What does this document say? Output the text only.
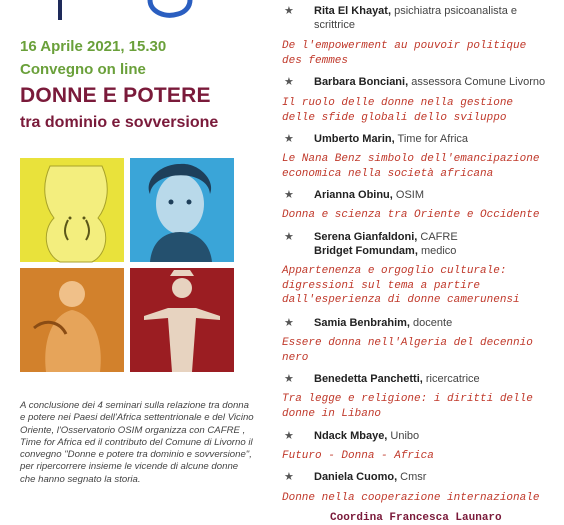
16 Aprile 2021, 15.30
Convegno on line
DONNE E POTERE
tra dominio e sovversione
A conclusione dei 4 seminari sulla relazione tra donna e potere nei Paesi dell'Africa settentrionale e del Vicino Oriente, l'Osservatorio OSIM organizza con CAFRE , Time for Africa ed il contributo del Comune di Livorno il convegno "Donne e potere tra dominio e sovversione", per ripercorrere insieme le vicende di alcune donne che hanno segnato la storia.
★	Rita El Khayat, psichiatra psicoanalista e
scrittrice
De l'empowerment au pouvoir politique
des femmes
★	Barbara Bonciani, assessora Comune Livorno
Il ruolo delle donne nella gestione
delle sfide globali dello sviluppo
★	Umberto Marin, Time for Africa
Le Nana Benz simbolo dell'emancipazione
economica nella società africana
★	Arianna Obinu, OSIM
Donna e scienza tra Oriente e Occidente
★	Serena Gianfaldoni, CAFRE
Bridget Fomundam, medico
Appartenenza e orgoglio culturale:
digressioni sul tema a partire
dall'esperienza di donne camerunensi
★	Samia Benbrahim, docente
Essere donna nell'Algeria del decennio
nero
★	Benedetta Panchetti, ricercatrice
Tra legge e religione: i diritti delle
donne in Libano
★	Ndack Mbaye, Unibo
Futuro - Donna - Africa
★	Daniela Cuomo, Cmsr
Donne nella cooperazione internazionale
Coordina Francesca Launaro
